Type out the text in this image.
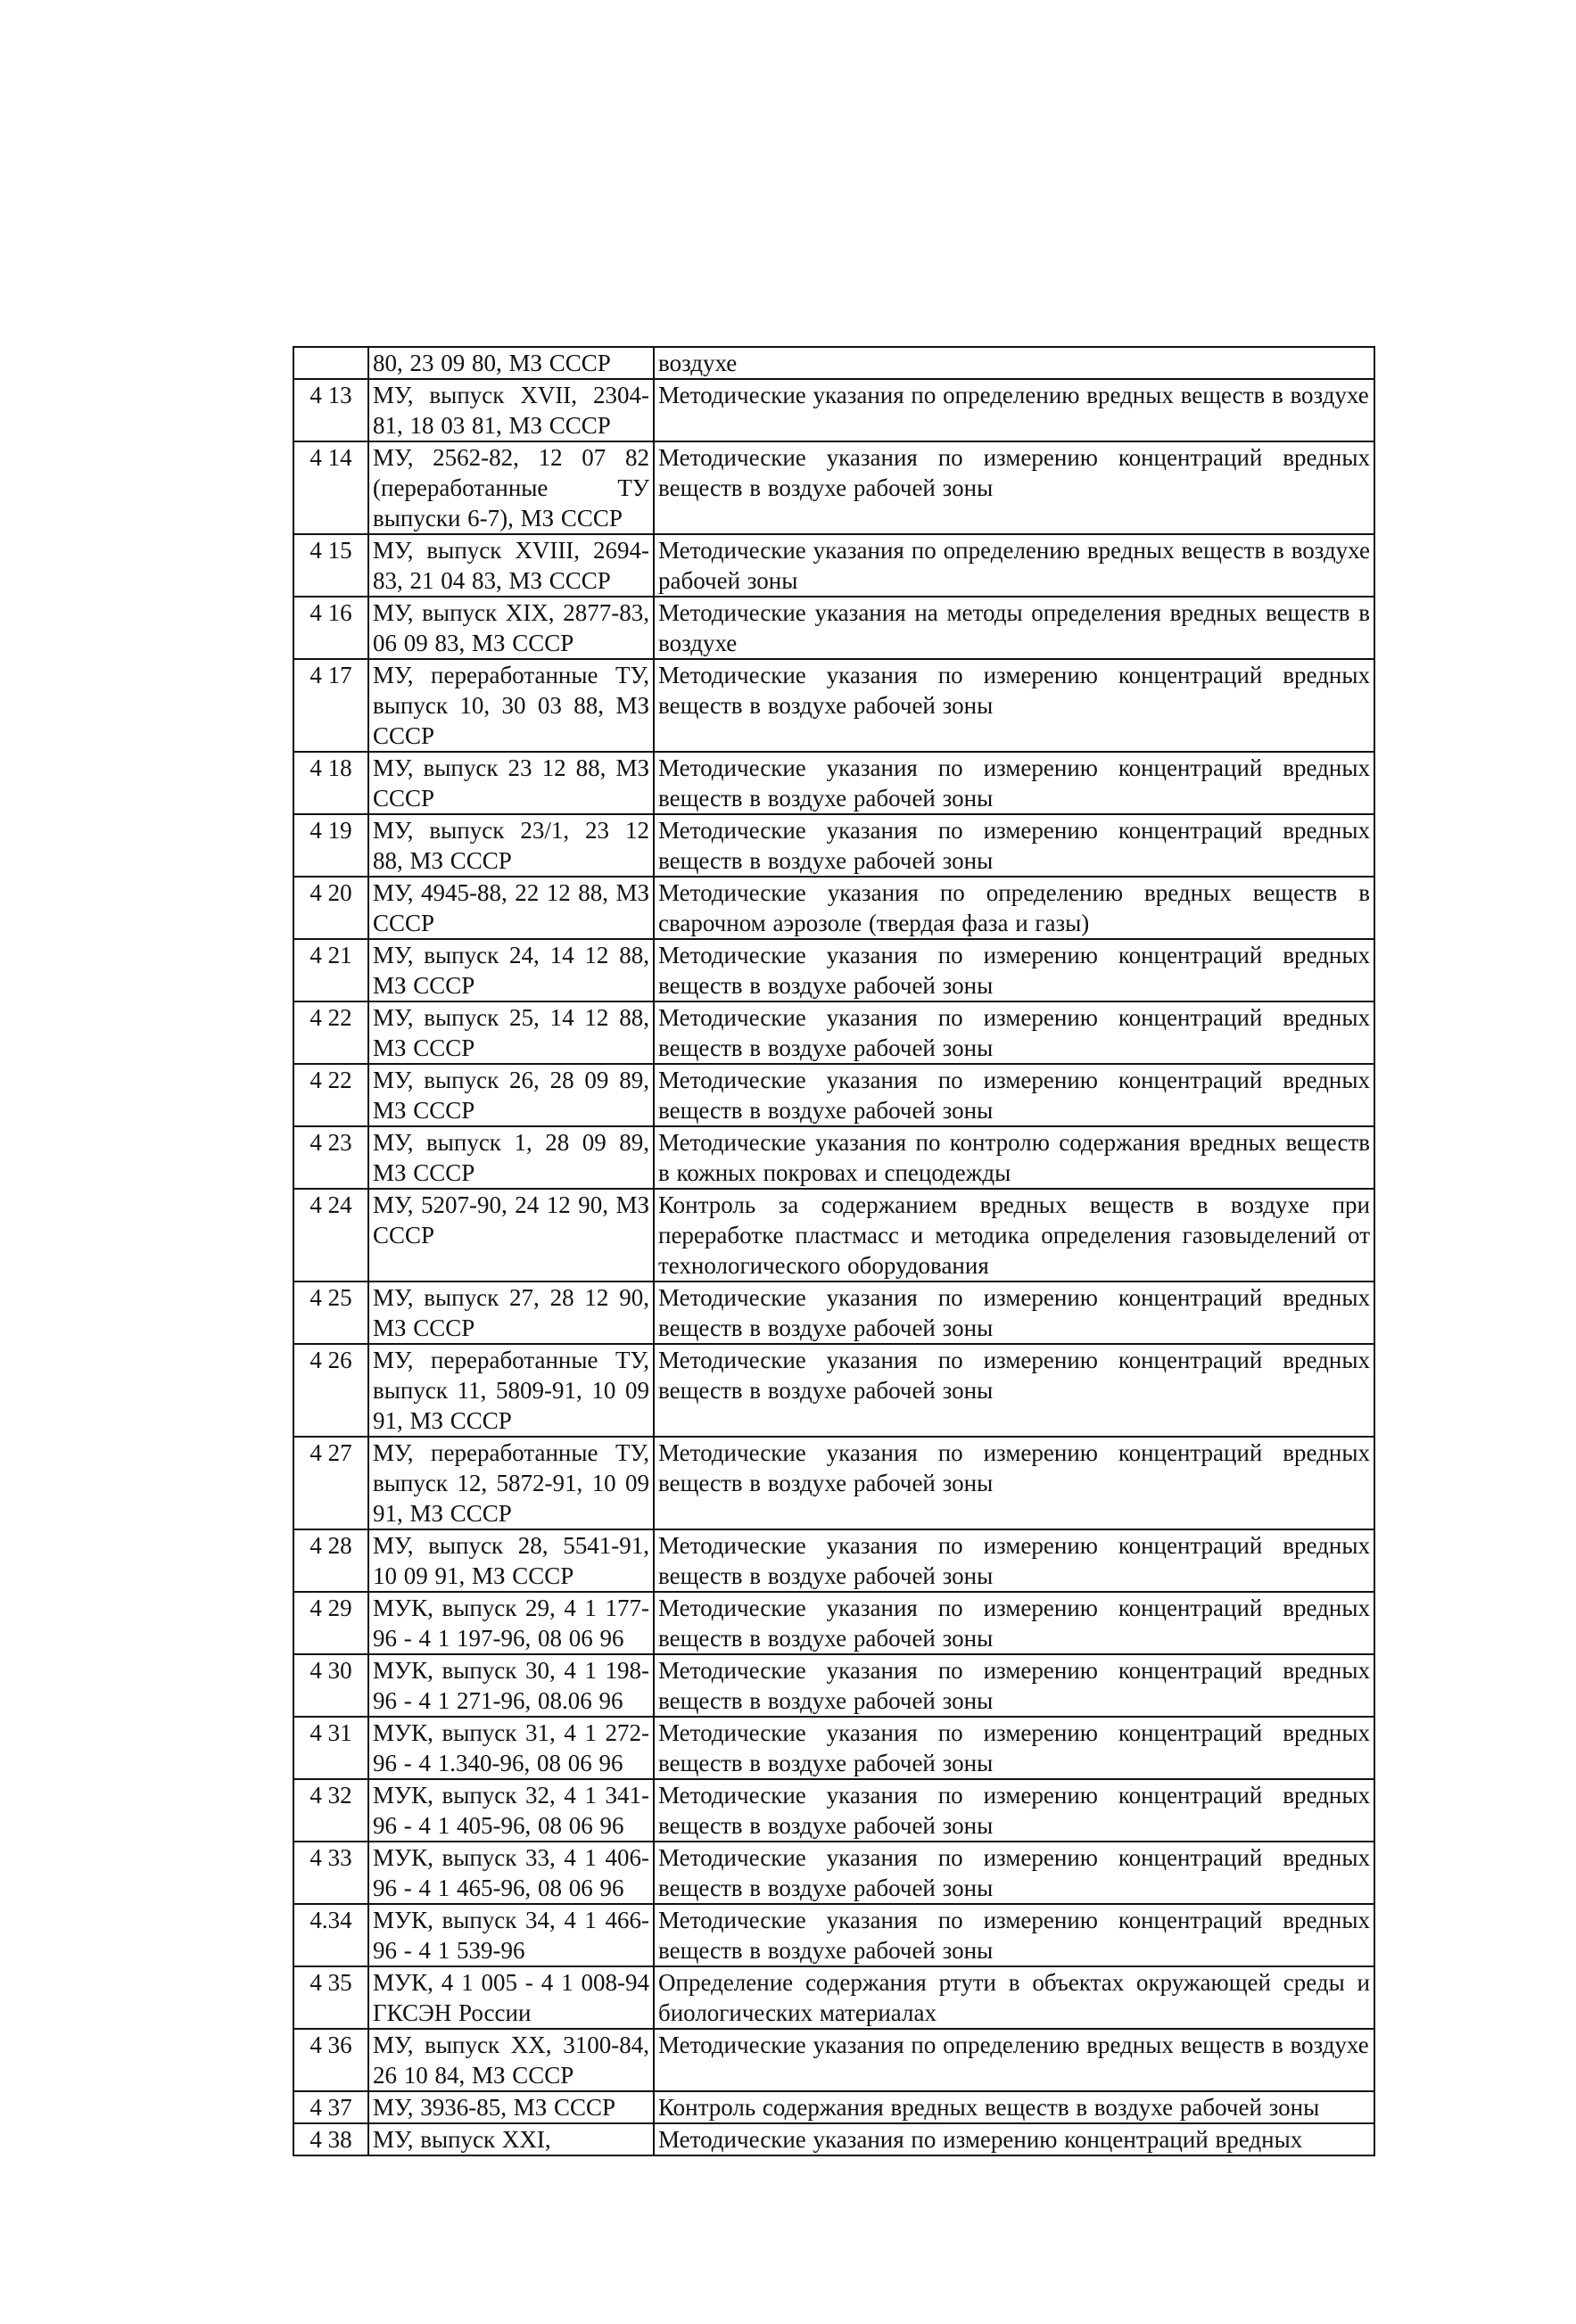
	80, 23 09 80, МЗ СССР	воздухе
4 13	МУ, выпуск XVII, 2304-81, 18 03 81, МЗ СССР	Методические указания по определению вредных веществ в воздухе
4 14	МУ, 2562-82, 12 07 82 (переработанные ТУ выпуски 6-7), МЗ СССР	Методические указания по измерению концентраций вредных веществ в воздухе рабочей зоны
4 15	МУ, выпуск XVIII, 2694-83, 21 04 83, МЗ СССР	Методические указания по определению вредных веществ в воздухе рабочей зоны
4 16	МУ, выпуск XIX, 2877-83, 06 09 83, МЗ СССР	Методические указания на методы определения вредных веществ в воздухе
4 17	МУ, переработанные ТУ, выпуск 10, 30 03 88, МЗ СССР	Методические указания по измерению концентраций вредных веществ в воздухе рабочей зоны
4 18	МУ, выпуск 23 12 88, МЗ СССР	Методические указания по измерению концентраций вредных веществ в воздухе рабочей зоны
4 19	МУ, выпуск 23/1, 23 12 88, МЗ СССР	Методические указания по измерению концентраций вредных веществ в воздухе рабочей зоны
4 20	МУ, 4945-88, 22 12 88, МЗ СССР	Методические указания по определению вредных веществ в сварочном аэрозоле (твердая фаза и газы)
4 21	МУ, выпуск 24, 14 12 88, МЗ СССР	Методические указания по измерению концентраций вредных веществ в воздухе рабочей зоны
4 22	МУ, выпуск 25, 14 12 88, МЗ СССР	Методические указания по измерению концентраций вредных веществ в воздухе рабочей зоны
4 22	МУ, выпуск 26, 28 09 89, МЗ СССР	Методические указания по измерению концентраций вредных веществ в воздухе рабочей зоны
4 23	МУ, выпуск 1, 28 09 89, МЗ СССР	Методические указания по контролю содержания вредных веществ в кожных покровах и спецодежды
4 24	МУ, 5207-90, 24 12 90, МЗ СССР	Контроль за содержанием вредных веществ в воздухе при переработке пластмасс и методика определения газовыделений от технологического оборудования
4 25	МУ, выпуск 27, 28 12 90, МЗ СССР	Методические указания по измерению концентраций вредных веществ в воздухе рабочей зоны
4 26	МУ, переработанные ТУ, выпуск 11, 5809-91, 10 09 91, МЗ СССР	Методические указания по измерению концентраций вредных веществ в воздухе рабочей зоны
4 27	МУ, переработанные ТУ, выпуск 12, 5872-91, 10 09 91, МЗ СССР	Методические указания по измерению концентраций вредных веществ в воздухе рабочей зоны
4 28	МУ, выпуск 28, 5541-91, 10 09 91, МЗ СССР	Методические указания по измерению концентраций вредных веществ в воздухе рабочей зоны
4 29	МУК, выпуск 29, 4 1 177-96 - 4 1 197-96, 08 06 96	Методические указания по измерению концентраций вредных веществ в воздухе рабочей зоны
4 30	МУК, выпуск 30, 4 1 198-96 - 4 1 271-96, 08.06 96	Методические указания по измерению концентраций вредных веществ в воздухе рабочей зоны
4 31	МУК, выпуск 31, 4 1 272-96 - 4 1.340-96, 08 06 96	Методические указания по измерению концентраций вредных веществ в воздухе рабочей зоны
4 32	МУК, выпуск 32, 4 1 341-96 - 4 1 405-96, 08 06 96	Методические указания по измерению концентраций вредных веществ в воздухе рабочей зоны
4 33	МУК, выпуск 33, 4 1 406-96 - 4 1 465-96, 08 06 96	Методические указания по измерению концентраций вредных веществ в воздухе рабочей зоны
4.34	МУК, выпуск 34, 4 1 466-96 - 4 1 539-96	Методические указания по измерению концентраций вредных веществ в воздухе рабочей зоны
4 35	МУК, 4 1 005 - 4 1 008-94 ГКСЭН России	Определение содержания ртути в объектах окружающей среды и биологических материалах
4 36	МУ, выпуск XX, 3100-84, 26 10 84, МЗ СССР	Методические указания по определению вредных веществ в воздухе
4 37	МУ, 3936-85, МЗ СССР	Контроль содержания вредных веществ в воздухе рабочей зоны
4 38	МУ, выпуск XXI,	Методические указания по измерению концентраций вредных
